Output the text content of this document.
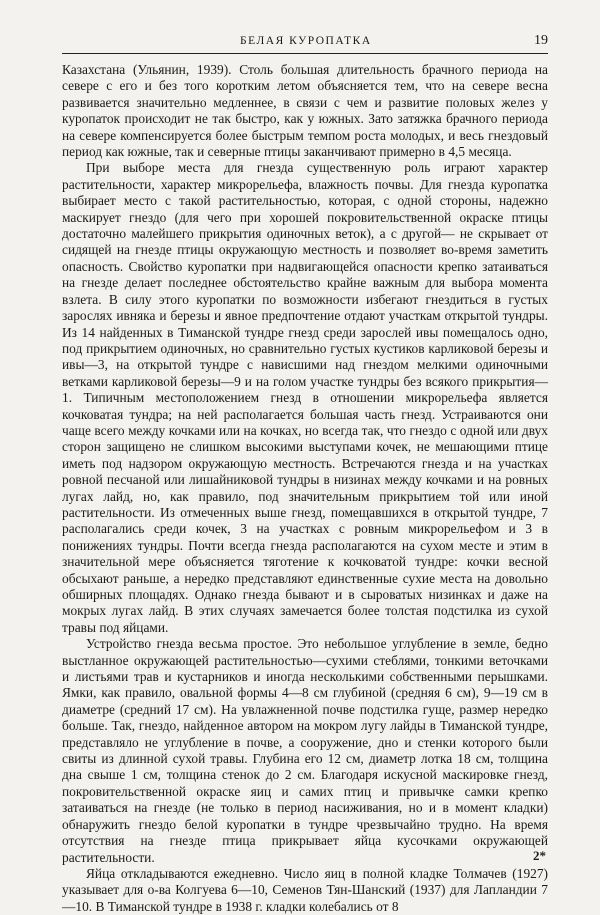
БЕЛАЯ КУРОПАТКА	19

Казахстана (Ульянин, 1939). Столь большая длительность брачного периода на севере с его и без того коротким летом объясняется тем, что на севере весна развивается значительно медленнее, в связи с чем и развитие половых желез у куропаток происходит не так быстро, как у южных. Зато затяжка брачного периода на севере компенсируется более быстрым темпом роста молодых, и весь гнездовый период как южные, так и северные птицы заканчивают примерно в 4,5 месяца.

При выборе места для гнезда существенную роль играют характер растительности, характер микрорельефа, влажность почвы. Для гнезда куропатка выбирает место с такой растительностью, которая, с одной стороны, надежно маскирует гнездо (для чего при хорошей покровительственной окраске птицы достаточно малейшего прикрытия одиночных веток), а с другой— не скрывает от сидящей на гнезде птицы окружающую местность и позволяет во-время заметить опасность. Свойство куропатки при надвигающейся опасности крепко затаиваться на гнезде делает последнее обстоятельство крайне важным для выбора момента взлета. В силу этого куропатки по возможности избегают гнездиться в густых зарослях ивняка и березы и явное предпочтение отдают участкам открытой тундры. Из 14 найденных в Тиманской тундре гнезд среди зарослей ивы помещалось одно, под прикрытием одиночных, но сравнительно густых кустиков карликовой березы и ивы—3, на открытой тундре с нависшими над гнездом мелкими одиночными ветками карликовой березы—9 и на голом участке тундры без всякого прикрытия—1. Типичным местоположением гнезд в отношении микрорельефа является кочковатая тундра; на ней располагается большая часть гнезд. Устраиваются они чаще всего между кочками или на кочках, но всегда так, что гнездо с одной или двух сторон защищено не слишком высокими выступами кочек, не мешающими птице иметь под надзором окружающую местность. Встречаются гнезда и на участках ровной песчаной или лишайниковой тундры в низинах между кочками и на ровных лугах лайд, но, как правило, под значительным прикрытием той или иной растительности. Из отмеченных выше гнезд, помещавшихся в открытой тундре, 7 располагались среди кочек, 3 на участках с ровным микрорельефом и 3 в понижениях тундры. Почти всегда гнезда располагаются на сухом месте и этим в значительной мере объясняется тяготение к кочковатой тундре: кочки весной обсыхают раньше, а нередко представляют единственные сухие места на довольно обширных площадях. Однако гнезда бывают и в сыроватых низинках и даже на мокрых лугах лайд. В этих случаях замечается более толстая подстилка из сухой травы под яйцами.

Устройство гнезда весьма простое. Это небольшое углубление в земле, бедно выстланное окружающей растительностью—сухими стеблями, тонкими веточками и листьями трав и кустарников и иногда несколькими собственными перышками. Ямки, как правило, овальной формы 4—8 см глубиной (средняя 6 см), 9—19 см в диаметре (средний 17 см). На увлажненной почве подстилка гуще, размер нередко больше. Так, гнездо, найденное автором на мокром лугу лайды в Тиманской тундре, представляло не углубление в почве, а сооружение, дно и стенки которого были свиты из длинной сухой травы. Глубина его 12 см, диаметр лотка 18 см, толщина дна свыше 1 см, толщина стенок до 2 см. Благодаря искусной маскировке гнезд, покровительственной окраске яиц и самих птиц и привычке самки крепко затаиваться на гнезде (не только в период насиживания, но и в момент кладки) обнаружить гнездо белой куропатки в тундре чрезвычайно трудно. На время отсутствия на гнезде птица прикрывает яйца кусочками окружающей растительности.

Яйца откладываются ежедневно. Число яиц в полной кладке Толмачев (1927) указывает для о-ва Колгуева 6—10, Семенов Тян-Шанский (1937) для Лапландии 7—10. В Тиманской тундре в 1938 г. кладки колебались от 8

2*
